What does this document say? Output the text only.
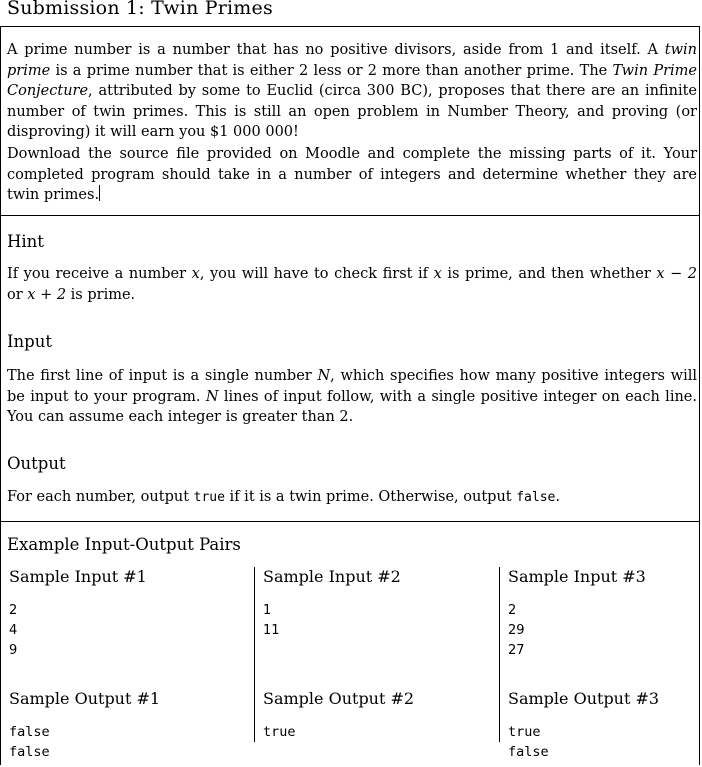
Submission 1: Twin Primes

A prime number is a number that has no positive divisors, aside from 1 and itself. A twin prime is a prime number that is either 2 less or 2 more than another prime. The Twin Prime Conjecture, attributed by some to Euclid (circa 300 BC), proposes that there are an infinite number of twin primes. This is still an open problem in Number Theory, and proving (or disproving) it will earn you $1 000 000!

Download the source file provided on Moodle and complete the missing parts of it. Your completed program should take in a number of integers and determine whether they are twin primes.

Hint

If you receive a number x, you will have to check first if x is prime, and then whether x − 2 or x + 2 is prime.

Input

The first line of input is a single number N, which specifies how many positive integers will be input to your program. N lines of input follow, with a single positive integer on each line. You can assume each integer is greater than 2.

Output

For each number, output true if it is a twin prime. Otherwise, output false.

Example Input-Output Pairs
Sample Input #1
2
4
9
Sample Output #1
false
false
Sample Input #2
1
11
Sample Output #2
true
Sample Input #3
2
29
27
Sample Output #3
true
false
